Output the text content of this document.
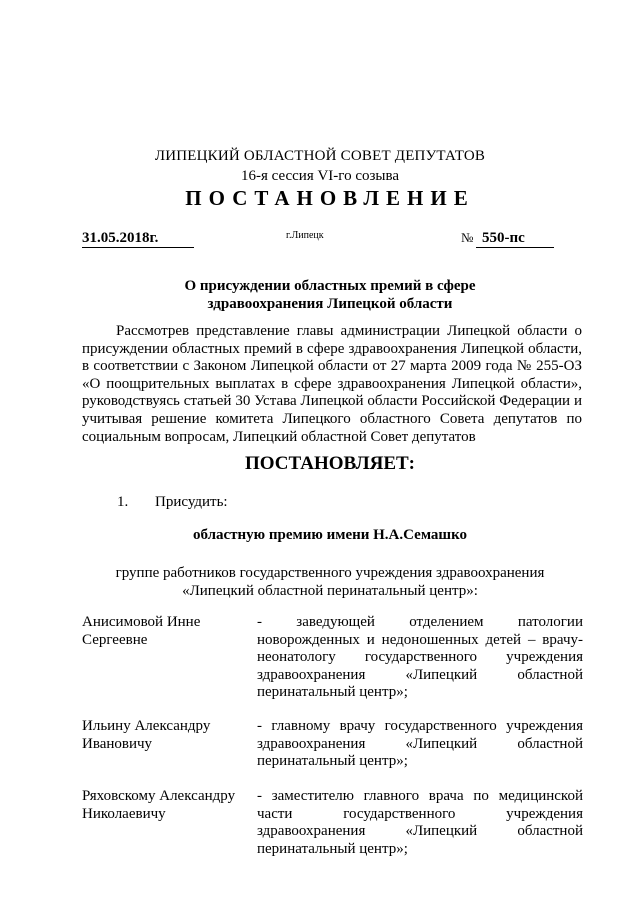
ЛИПЕЦКИЙ ОБЛАСТНОЙ СОВЕТ ДЕПУТАТОВ
16-я сессия VI-го созыва
ПОСТАНОВЛЕНИЕ
31.05.2018г.	г.Липецк	№ 550-пс
О присуждении областных премий в сфере
здравоохранения Липецкой области
Рассмотрев представление главы администрации Липецкой области о
присуждении областных премий в сфере здравоохранения Липецкой области,
в соответствии с Законом Липецкой области от 27 марта 2009 года № 255-ОЗ
«О поощрительных выплатах в сфере здравоохранения Липецкой области»,
руководствуясь статьей 30 Устава Липецкой области Российской Федерации и
учитывая решение комитета Липецкого областного Совета депутатов по
социальным вопросам, Липецкий областной Совет депутатов
ПОСТАНОВЛЯЕТ:
1. Присудить:
областную премию имени Н.А.Семашко
группе работников государственного учреждения здравоохранения
«Липецкий областной перинатальный центр»:
Анисимовой Инне
Сергеевне
- заведующей отделением патологии
новорожденных и недоношенных детей – врачу-
неонатологу государственного учреждения
здравоохранения «Липецкий областной
перинатальный центр»;
Ильину Александру
Ивановичу
- главному врачу государственного учреждения
здравоохранения «Липецкий областной
перинатальный центр»;
Ряховскому Александру
Николаевичу
- заместителю главного врача по медицинской
части государственного учреждения
здравоохранения «Липецкий областной
перинатальный центр»;
